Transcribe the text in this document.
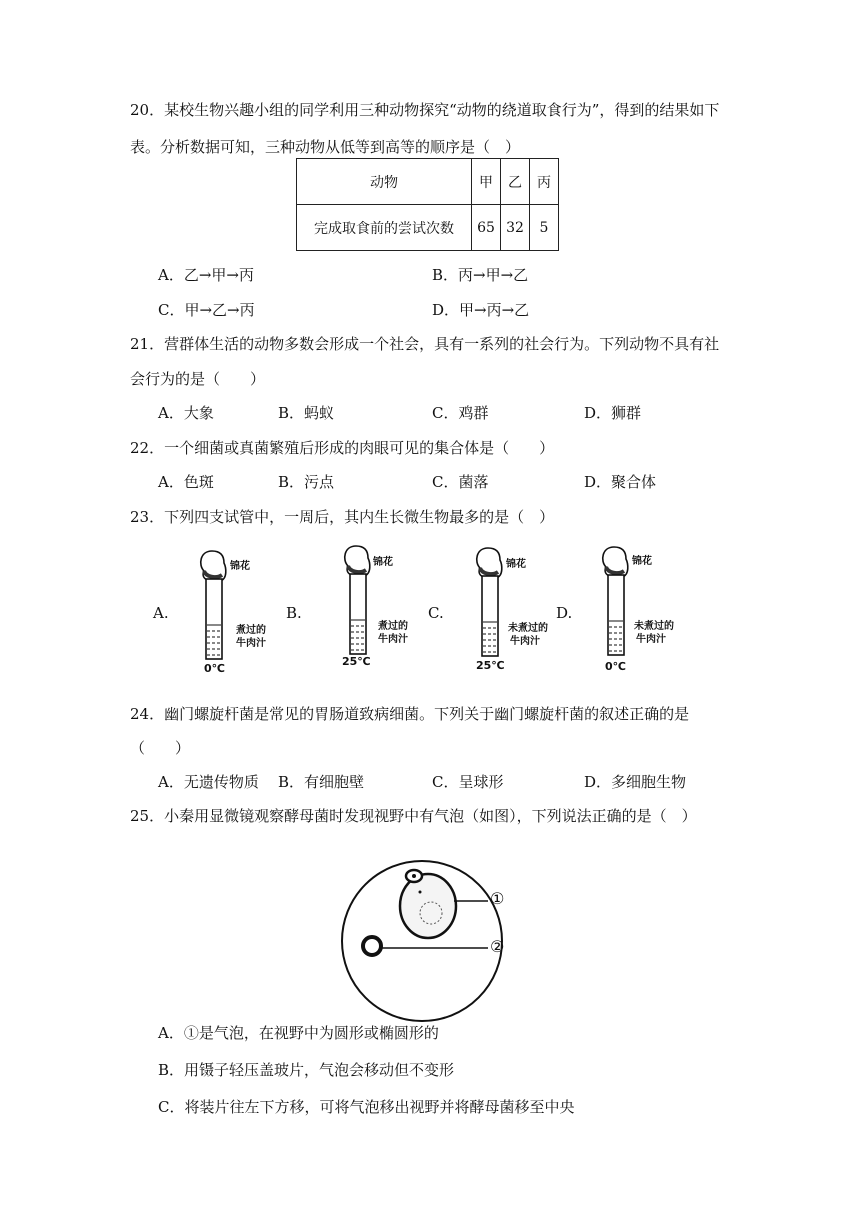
20．某校生物兴趣小组的同学利用三种动物探究“动物的绕道取食行为”，得到的结果如下
表。分析数据可知，三种动物从低等到高等的顺序是（　）
动物	甲	乙	丙
完成取食前的尝试次数	65	32	5
A．乙→甲→丙	B．丙→甲→乙
C．甲→乙→丙	D．甲→丙→乙
21．营群体生活的动物多数会形成一个社会，具有一系列的社会行为。下列动物不具有社
会行为的是（　　）
A．大象	B．蚂蚁	C．鸡群	D．狮群
22．一个细菌或真菌繁殖后形成的肉眼可见的集合体是（　　）
A．色斑	B．污点	C．菌落	D．聚合体
23．下列四支试管中，一周后，其内生长微生物最多的是（　）
A.
锦花
煮过的
牛肉汁
0℃
B.
锦花
煮过的
牛肉汁
25℃
C.
锦花
未煮过的
牛肉汁
25℃
D.
锦花
未煮过的
牛肉汁
0℃
24．幽门螺旋杆菌是常见的胃肠道致病细菌。下列关于幽门螺旋杆菌的叙述正确的是
（　　）
A．无遗传物质 B．有细胞壁	C．呈球形	D．多细胞生物
25．小秦用显微镜观察酵母菌时发现视野中有气泡（如图），下列说法正确的是（　）
①
②
A．①是气泡，在视野中为圆形或椭圆形的
B．用镊子轻压盖玻片，气泡会移动但不变形
C．将装片往左下方移，可将气泡移出视野并将酵母菌移至中央
